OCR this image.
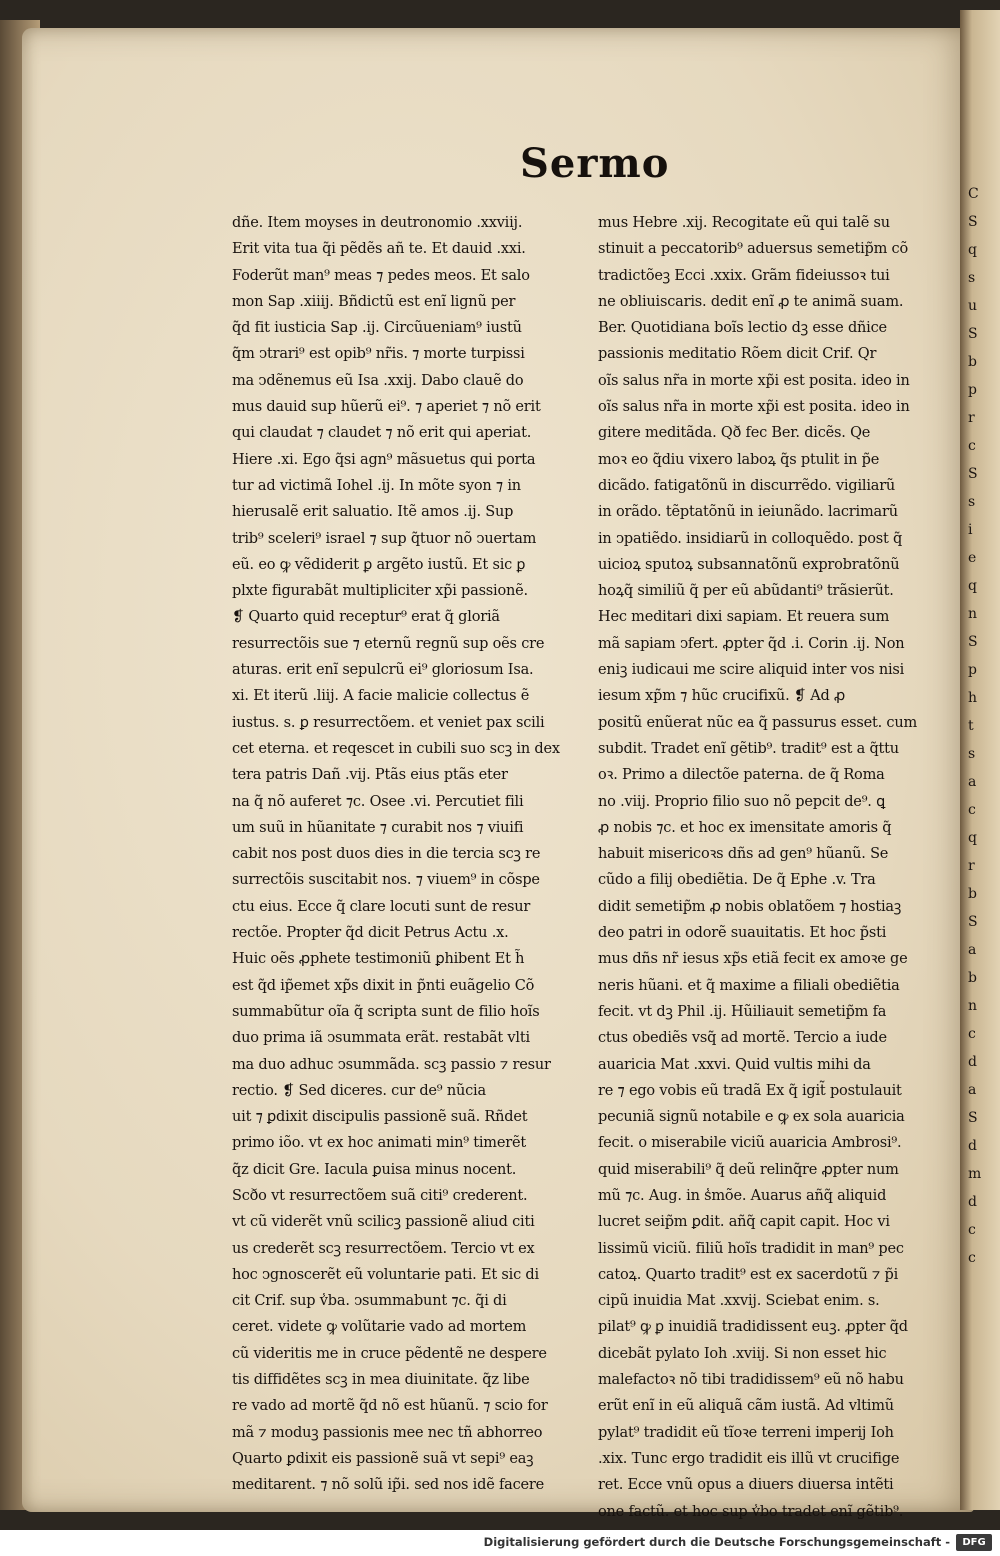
C
S
q
s
u
S
b
p
r
c
S
s
i
e
q
n
S
p
h
t
s
a
c
q
r
b
S
a
b
n
c
d
a
S
d
m
d
c
c
Sermo
dñe. Item moyses in deutronomio .xxviij.
Erit vita tua q̃i pẽdẽs añ te. Et dauid .xxi.
Foderũt man⁹ meas ⁊ pedes meos. Et salo
mon Sap .xiiij. Bñdictũ est enĩ lignũ per
q̃d fit iusticia Sap .ij. Circũueniam⁹ iustũ
q̃m ↄtrari⁹ est opib⁹ nr̃is. ⁊ morte turpissi
ma ↄdẽnemus eũ Isa .xxij. Dabo clauẽ do
mus dauid sup hũerũ ei⁹. ⁊ aperiet ⁊ nõ erit
qui claudat ⁊ claudet ⁊ nõ erit qui aperiat.
Hiere .xi. Ego q̃si agn⁹ mãsuetus qui porta
tur ad victimã Iohel .ij. In mõte syon ⁊ in
hierusalẽ erit saluatio. Itẽ amos .ij. Sup
trib⁹ sceleri⁹ israel ⁊ sup q̃tuor nõ ↄuertam
eũ. eo ꝙ vẽdiderit ꝑ argẽto iustũ. Et sic ꝑ
plxte figurabãt multipliciter xp̃i passionẽ.
❡ Quarto quid receptur⁹ erat q̃ gloriã
resurrectõis sue ⁊ eternũ regnũ sup oẽs cre
aturas. erit enĩ sepulcrũ ei⁹ gloriosum Isa.
xi. Et iterũ .liij. A facie malicie collectus ẽ
iustus. s. ꝑ resurrectõem. et veniet pax scili
cet eterna. et reqescet in cubili suo scꝫ in dex
tera patris Dañ .vij. Ptãs eius ptãs eter
na q̃ nõ auferet ⁊c. Osee .vi. Percutiet fili
um suũ in hũanitate ⁊ curabit nos ⁊ viuifi
cabit nos post duos dies in die tercia scꝫ re
surrectõis suscitabit nos. ⁊ viuem⁹ in cõspe
ctu eius. Ecce q̃ clare locuti sunt de resur
rectõe. Propter q̃d dicit Petrus Actu .x.
Huic oẽs ꝓphete testimoniũ ꝑhibent Et h̃
est q̃d ip̃emet xp̃s dixit in p̃nti euãgelio Cõ
summabũtur oĩa q̃ scripta sunt de filio hoĩs
duo prima iã ↄsummata erãt. restabãt vlti
ma duo adhuc ↄsummãda. scꝫ passio ⁊ resur
rectio. ❡ Sed diceres. cur de⁹ nũcia
uit ⁊ ꝑdixit discipulis passionẽ suã. Rñdet
primo iõo. vt ex hoc animati min⁹ timerẽt
q̃z dicit Gre. Iacula ꝑuisa minus nocent.
Scðo vt resurrectõem suã citi⁹ crederent.
vt cũ viderẽt vnũ scilicꝫ passionẽ aliud citi
us crederẽt scꝫ resurrectõem. Tercio vt ex
hoc ↄgnoscerẽt eũ voluntarie pati. Et sic di
cit Crif. sup v̾ba. ↄsummabunt ⁊c. q̃i di
ceret. videte ꝙ volũtarie vado ad mortem
cũ videritis me in cruce pẽdentẽ ne despere
tis diffidẽtes scꝫ in mea diuinitate. q̃z libe
re vado ad mortẽ q̃d nõ est hũanũ. ⁊ scio for
mã ⁊ moduꝫ passionis mee nec tñ abhorreo
Quarto ꝑdixit eis passionẽ suã vt sepi⁹ eaꝫ
meditarent. ⁊ nõ solũ ip̃i. sed nos idẽ facere
mus Hebre .xij. Recogitate eũ qui talẽ su
stinuit a peccatorib⁹ aduersus semetip̃m cõ
tradictõeꝫ Ecci .xxix. Grãm fideiussoꝛ tui
ne obliuiscaris. dedit enĩ ꝓ te animã suam.
Ber. Quotidiana boĩs lectio dꝫ esse dñice
passionis meditatio Rõem dicit Crif. Qr
oĩs salus nr̃a in morte xp̃i est posita. ideo in
oĩs salus nr̃a in morte xp̃i est posita. ideo in
gitere meditãda. Qð fec Ber. dicẽs. Qe
moꝛ eo q̃diu vixero laboꝝ q̃s ptulit in p̃e
dicãdo. fatigatõnũ in discurrẽdo. vigiliarũ
in orãdo. tẽptatõnũ in ieiunãdo. lacrimarũ
in ↄpatiẽdo. insidiarũ in colloquẽdo. post q̃
uicioꝝ sputoꝝ subsannatõnũ exprobratõnũ
hoꝝq̃ similiũ q̃ per eũ abũdanti⁹ trãsierũt.
Hec meditari dixi sapiam. Et reuera sum
mã sapiam ↄfert. ꝓpter q̃d .i. Corin .ij. Non
eniꝫ iudicaui me scire aliquid inter vos nisi
iesum xp̃m ⁊ hũc crucifixũ. ❡ Ad ꝓ
positũ enũerat nũc ea q̃ passurus esset. cum
subdit. Tradet enĩ gẽtib⁹. tradit⁹ est a q̃ttu
oꝛ. Primo a dilectõe paterna. de q̃ Roma
no .viij. Proprio filio suo nõ pepcit de⁹. ꝗ
ꝓ nobis ⁊c. et hoc ex imensitate amoris q̃
habuit misericoꝛs dñs ad gen⁹ hũanũ. Se
cũdo a filij obediẽtia. De q̃ Ephe .v. Tra
didit semetip̃m ꝓ nobis oblatõem ⁊ hostiaꝫ
deo patri in odorẽ suauitatis. Et hoc p̃sti
mus dñs nr̃ iesus xp̃s etiã fecit ex amoꝛe ge
neris hũani. et q̃ maxime a filiali obediẽtia
fecit. vt dꝫ Phil .ij. Hũiliauit semetip̃m fa
ctus obediẽs vsq̃ ad mortẽ. Tercio a iude
auaricia Mat .xxvi. Quid vultis mihi da
re ⁊ ego vobis eũ tradã Ex q̃ igit̃ postulauit
pecuniã signũ notabile e ꝙ ex sola auaricia
fecit. o miserabile viciũ auaricia Ambrosi⁹.
quid miserabili⁹ q̃ deũ relinq̃re ꝓpter num
mũ ⁊c. Aug. in s̾mõe. Auarus añq̃ aliquid
lucret seip̃m ꝑdit. añq̃ capit capit. Hoc vi
lissimũ viciũ. filiũ hoĩs tradidit in man⁹ pec
catoꝝ. Quarto tradit⁹ est ex sacerdotũ ⁊ p̃i
cipũ inuidia Mat .xxvij. Sciebat enim. s.
pilat⁹ ꝙ ꝑ inuidiã tradidissent euꝫ. ꝓpter q̃d
dicebãt pylato Ioh .xviij. Si non esset hic
malefactoꝛ nõ tibi tradidissem⁹ eũ nõ habu
erũt enĩ in eũ aliquã cãm iustã. Ad vltimũ
pylat⁹ tradidit eũ tĩoꝛe terreni imperij Ioh
.xix. Tunc ergo tradidit eis illũ vt crucifige
ret. Ecce vnũ opus a diuers diuersa intẽti
one factũ. et hoc sup v̾bo tradet enĩ gẽtib⁹.
Digitalisierung gefördert durch die Deutsche Forschungsgemeinschaft -	DFG
